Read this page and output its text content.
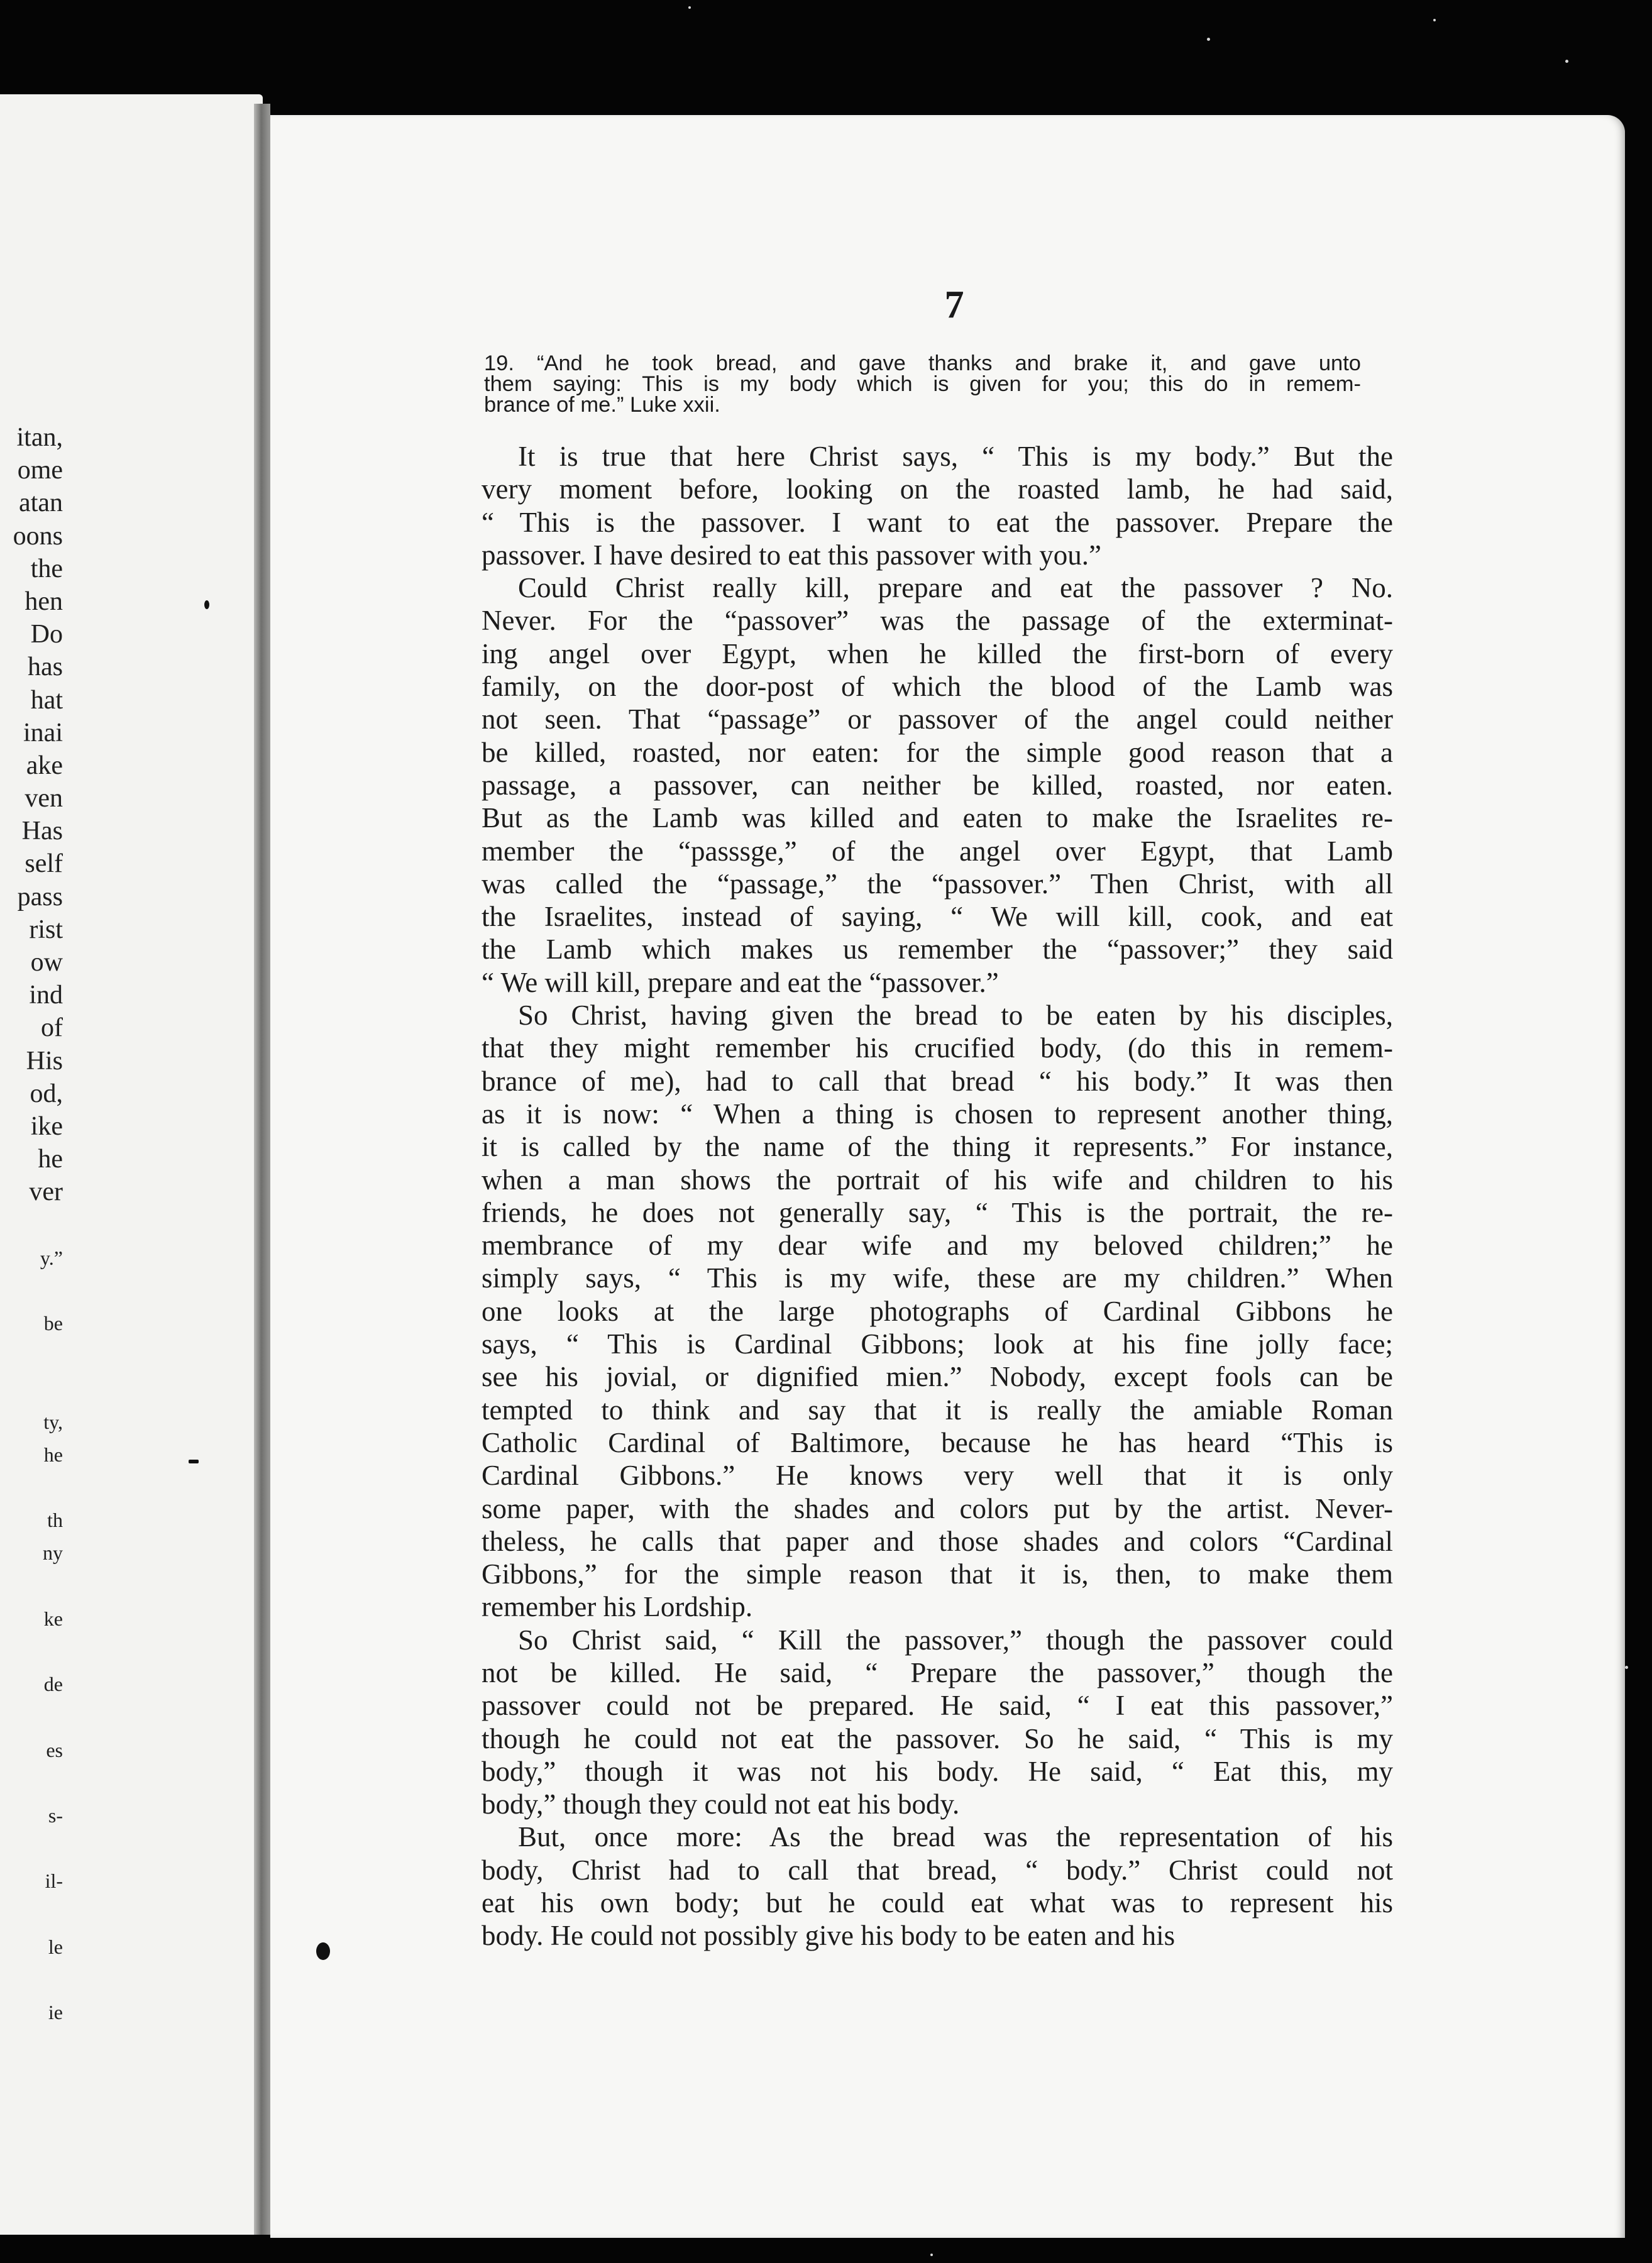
itan,
ome
atan
oons
the
hen
Do
has
hat
inai
ake
ven
Has
self
pass
rist
ow
ind
of
His
od,
ike
he
ver
y.”
be
ty,
he
th
ny
ke
de
es
s-
il-
le
ie
7
19. “And he took bread, and gave thanks and brake it, and gave unto
them saying: This is my body which is given for you; this do in remem-
brance of me.” Luke xxii.
It is true that here Christ says, “ This is my body.” But the
very moment before, looking on the roasted lamb, he had said,
“ This is the passover. I want to eat the passover. Prepare the
passover. I have desired to eat this passover with you.”
Could Christ really kill, prepare and eat the passover ? No.
Never. For the “passover” was the passage of the exterminat-
ing angel over Egypt, when he killed the first-born of every
family, on the door-post of which the blood of the Lamb was
not seen. That “passage” or passover of the angel could neither
be killed, roasted, nor eaten: for the simple good reason that a
passage, a passover, can neither be killed, roasted, nor eaten.
But as the Lamb was killed and eaten to make the Israelites re-
member the “passsge,” of the angel over Egypt, that Lamb
was called the “passage,” the “passover.” Then Christ, with all
the Israelites, instead of saying, “ We will kill, cook, and eat
the Lamb which makes us remember the “passover;” they said
“ We will kill, prepare and eat the “passover.”
So Christ, having given the bread to be eaten by his disciples,
that they might remember his crucified body, (do this in remem-
brance of me), had to call that bread “ his body.” It was then
as it is now: “ When a thing is chosen to represent another thing,
it is called by the name of the thing it represents.” For instance,
when a man shows the portrait of his wife and children to his
friends, he does not generally say, “ This is the portrait, the re-
membrance of my dear wife and my beloved children;” he
simply says, “ This is my wife, these are my children.” When
one looks at the large photographs of Cardinal Gibbons he
says, “ This is Cardinal Gibbons; look at his fine jolly face;
see his jovial, or dignified mien.” Nobody, except fools can be
tempted to think and say that it is really the amiable Roman
Catholic Cardinal of Baltimore, because he has heard “This is
Cardinal Gibbons.” He knows very well that it is only
some paper, with the shades and colors put by the artist. Never-
theless, he calls that paper and those shades and colors “Cardinal
Gibbons,” for the simple reason that it is, then, to make them
remember his Lordship.
So Christ said, “ Kill the passover,” though the passover could
not be killed. He said, “ Prepare the passover,” though the
passover could not be prepared. He said, “ I eat this passover,”
though he could not eat the passover. So he said, “ This is my
body,” though it was not his body. He said, “ Eat this, my
body,” though they could not eat his body.
But, once more: As the bread was the representation of his
body, Christ had to call that bread, “ body.” Christ could not
eat his own body; but he could eat what was to represent his
body. He could not possibly give his body to be eaten and his
